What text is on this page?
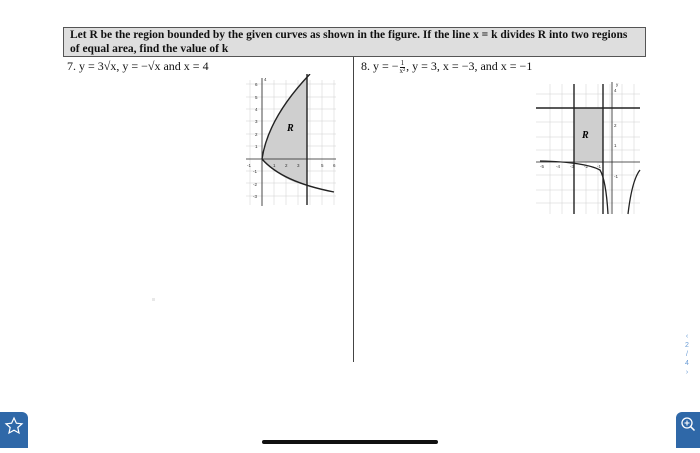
Let R be the region bounded by the given curves as shown in the figure. If the line x = k divides R into two regions of equal area, find the value of k
7. y = 3√x, y = −√x and x = 4
R
-1	1 2 3	5 6
6
5
4
3
2
1
-1
-2
-3
4
8. y = − $\frac{1}{\text{x²}}$ , y = 3, x = −3, and x = −1
R
-5	-4 -3 -2 -1
4
2
1
-1
y
‹
2
/
4
›
